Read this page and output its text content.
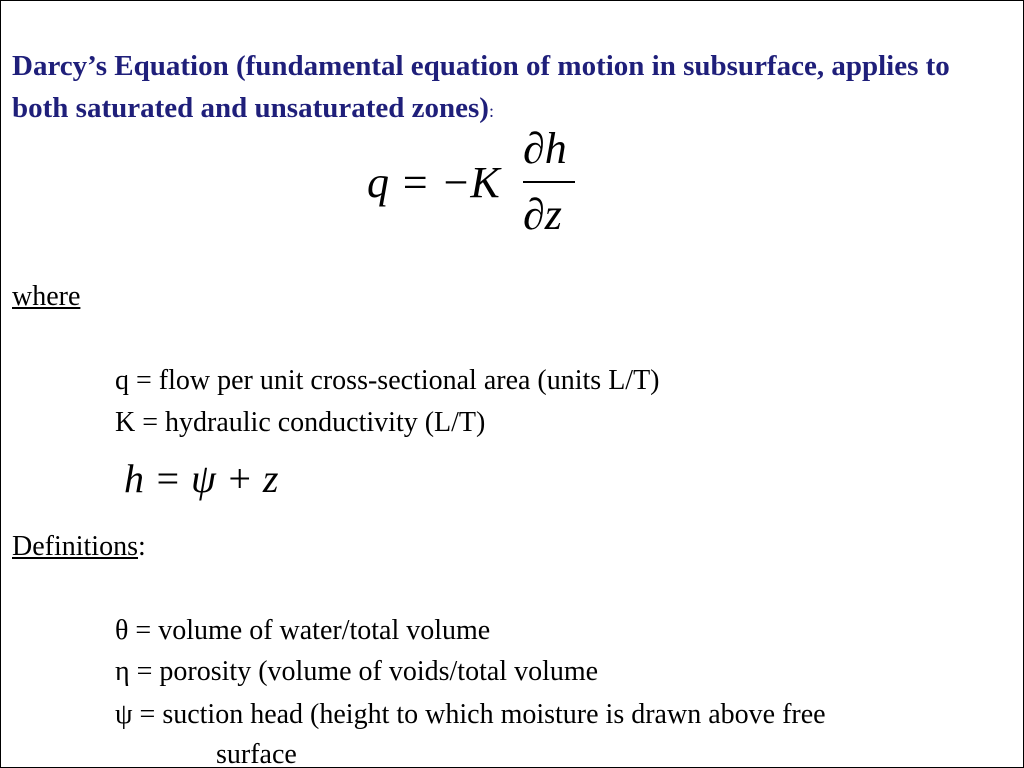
Darcy’s Equation (fundamental equation of motion in subsurface, applies to both saturated and unsaturated zones):
q = −K
∂h
∂z
where
q = flow per unit cross-sectional area (units L/T)
K = hydraulic conductivity (L/T)
h = ψ + z
Definitions:
θ = volume of water/total volume
η = porosity (volume of voids/total volume
ψ = suction head (height to which moisture is drawn above free
surface
